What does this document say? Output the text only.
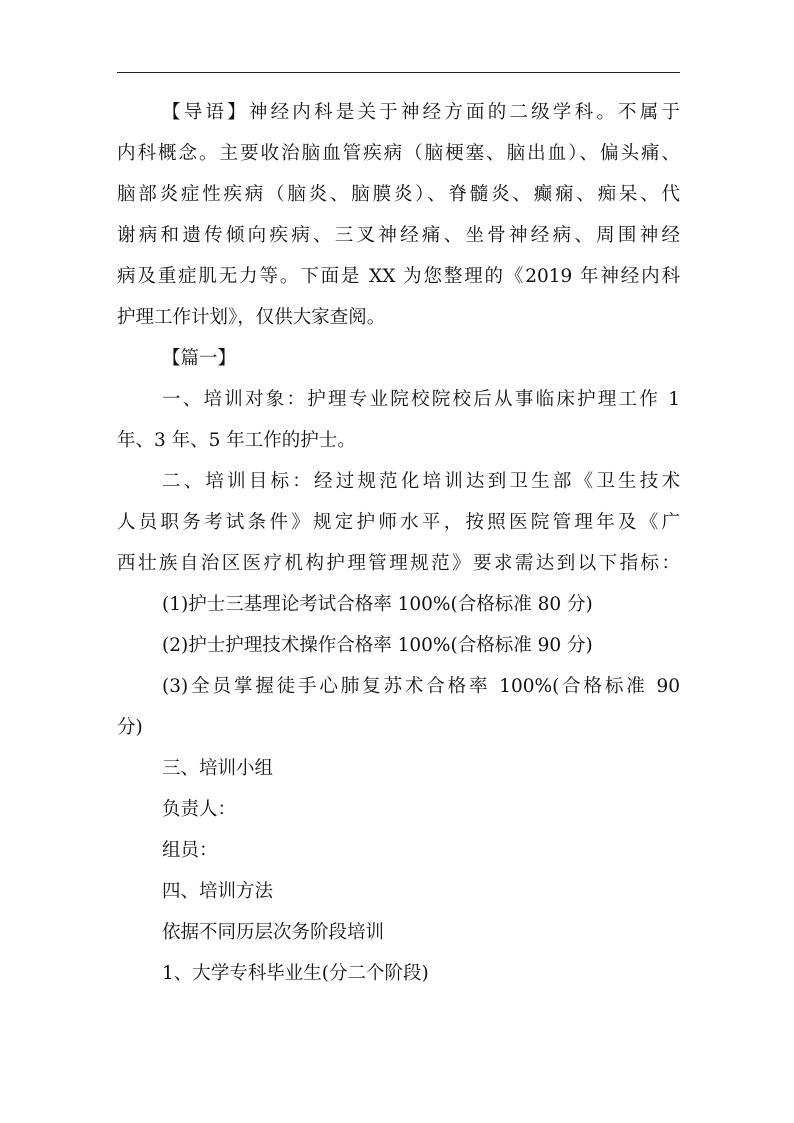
【导语】神经内科是关于神经方面的二级学科。不属于
内科概念。主要收治脑血管疾病（脑梗塞、脑出血）、偏头痛、
脑部炎症性疾病（脑炎、脑膜炎）、脊髓炎、癫痫、痴呆、代
谢病和遗传倾向疾病、三叉神经痛、坐骨神经病、周围神经
病及重症肌无力等。下面是 XX 为您整理的《2019 年神经内科
护理工作计划》，仅供大家查阅。
【篇一】
一、培训对象：护理专业院校院校后从事临床护理工作 1
年、3 年、5 年工作的护士。
二、培训目标：经过规范化培训达到卫生部《卫生技术
人员职务考试条件》规定护师水平，按照医院管理年及《广
西壮族自治区医疗机构护理管理规范》要求需达到以下指标：
(1)护士三基理论考试合格率 100%(合格标准 80 分)
(2)护士护理技术操作合格率 100%(合格标准 90 分)
(3)全员掌握徒手心肺复苏术合格率 100%(合格标准 90
分)
三、培训小组
负责人：
组员：
四、培训方法
依据不同历层次务阶段培训
1、大学专科毕业生(分二个阶段)
